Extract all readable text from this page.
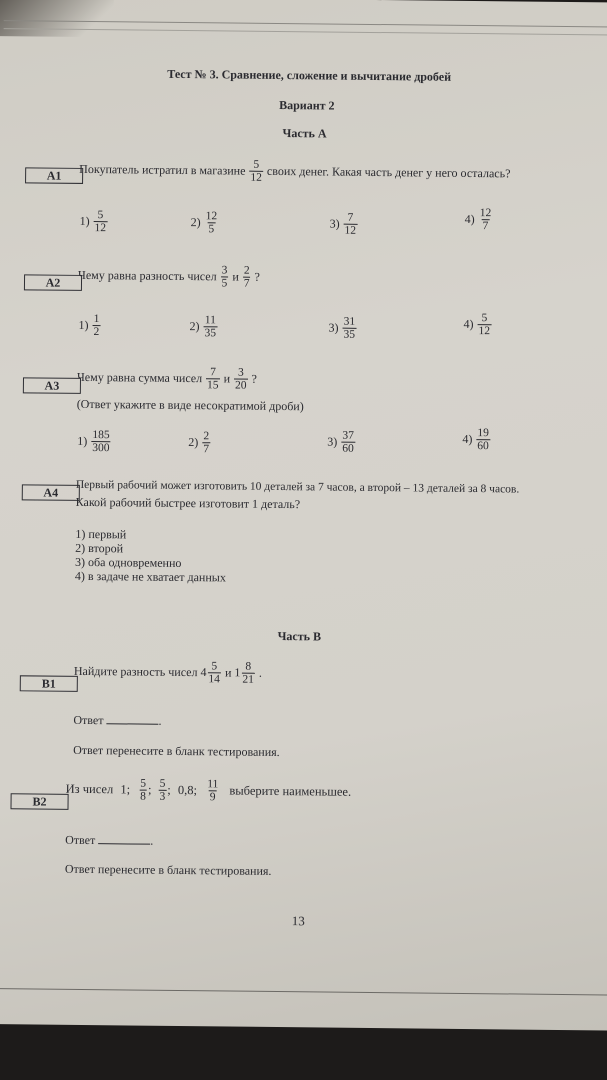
Тест № 3. Сравнение, сложение и вычитание дробей
Вариант 2
Часть А
А1	Покупатель истратил в магазине $\frac{5}{12}$ своих денег. Какая часть денег у него осталась?
$1) \frac{5}{12}$	$2) \frac{12}{5}$	$3) \frac{7}{12}$	$4) \frac{12}{7}$
А2	Чему равна разность чисел $\frac{3}{5}$ и $\frac{2}{7}$ ?
$1) \frac{1}{2}$	$2) \frac{11}{35}$	$3) \frac{31}{35}$	$4) \frac{5}{12}$
А3
Чему равна сумма чисел $\frac{7}{15}$ и $\frac{3}{20}$ ?
(Ответ укажите в виде несократимой дроби)
$1) \frac{185}{300}$	$2) \frac{2}{7}$	$3) \frac{37}{60}$	$4) \frac{19}{60}$
А4	Первый рабочий может изготовить 10 деталей за 7 часов, а второй – 13 деталей за 8 часов.
Какой рабочий быстрее изготовит 1 деталь?
1) первый
2) второй
3) оба одновременно
4) в задаче не хватает данных
Часть В
В1
Найдите разность чисел $4 \frac{5}{14}$ и $1 \frac{8}{21}$ .
Ответ	.
Ответ перенесите в бланк тестирования.
В2
Из чисел 1; $\frac{5}{8}$ ; $\frac{5}{3}$ ; 0,8; $\frac{11}{9}$ выберите наименьшее.
Ответ	.
Ответ перенесите в бланк тестирования.
13
